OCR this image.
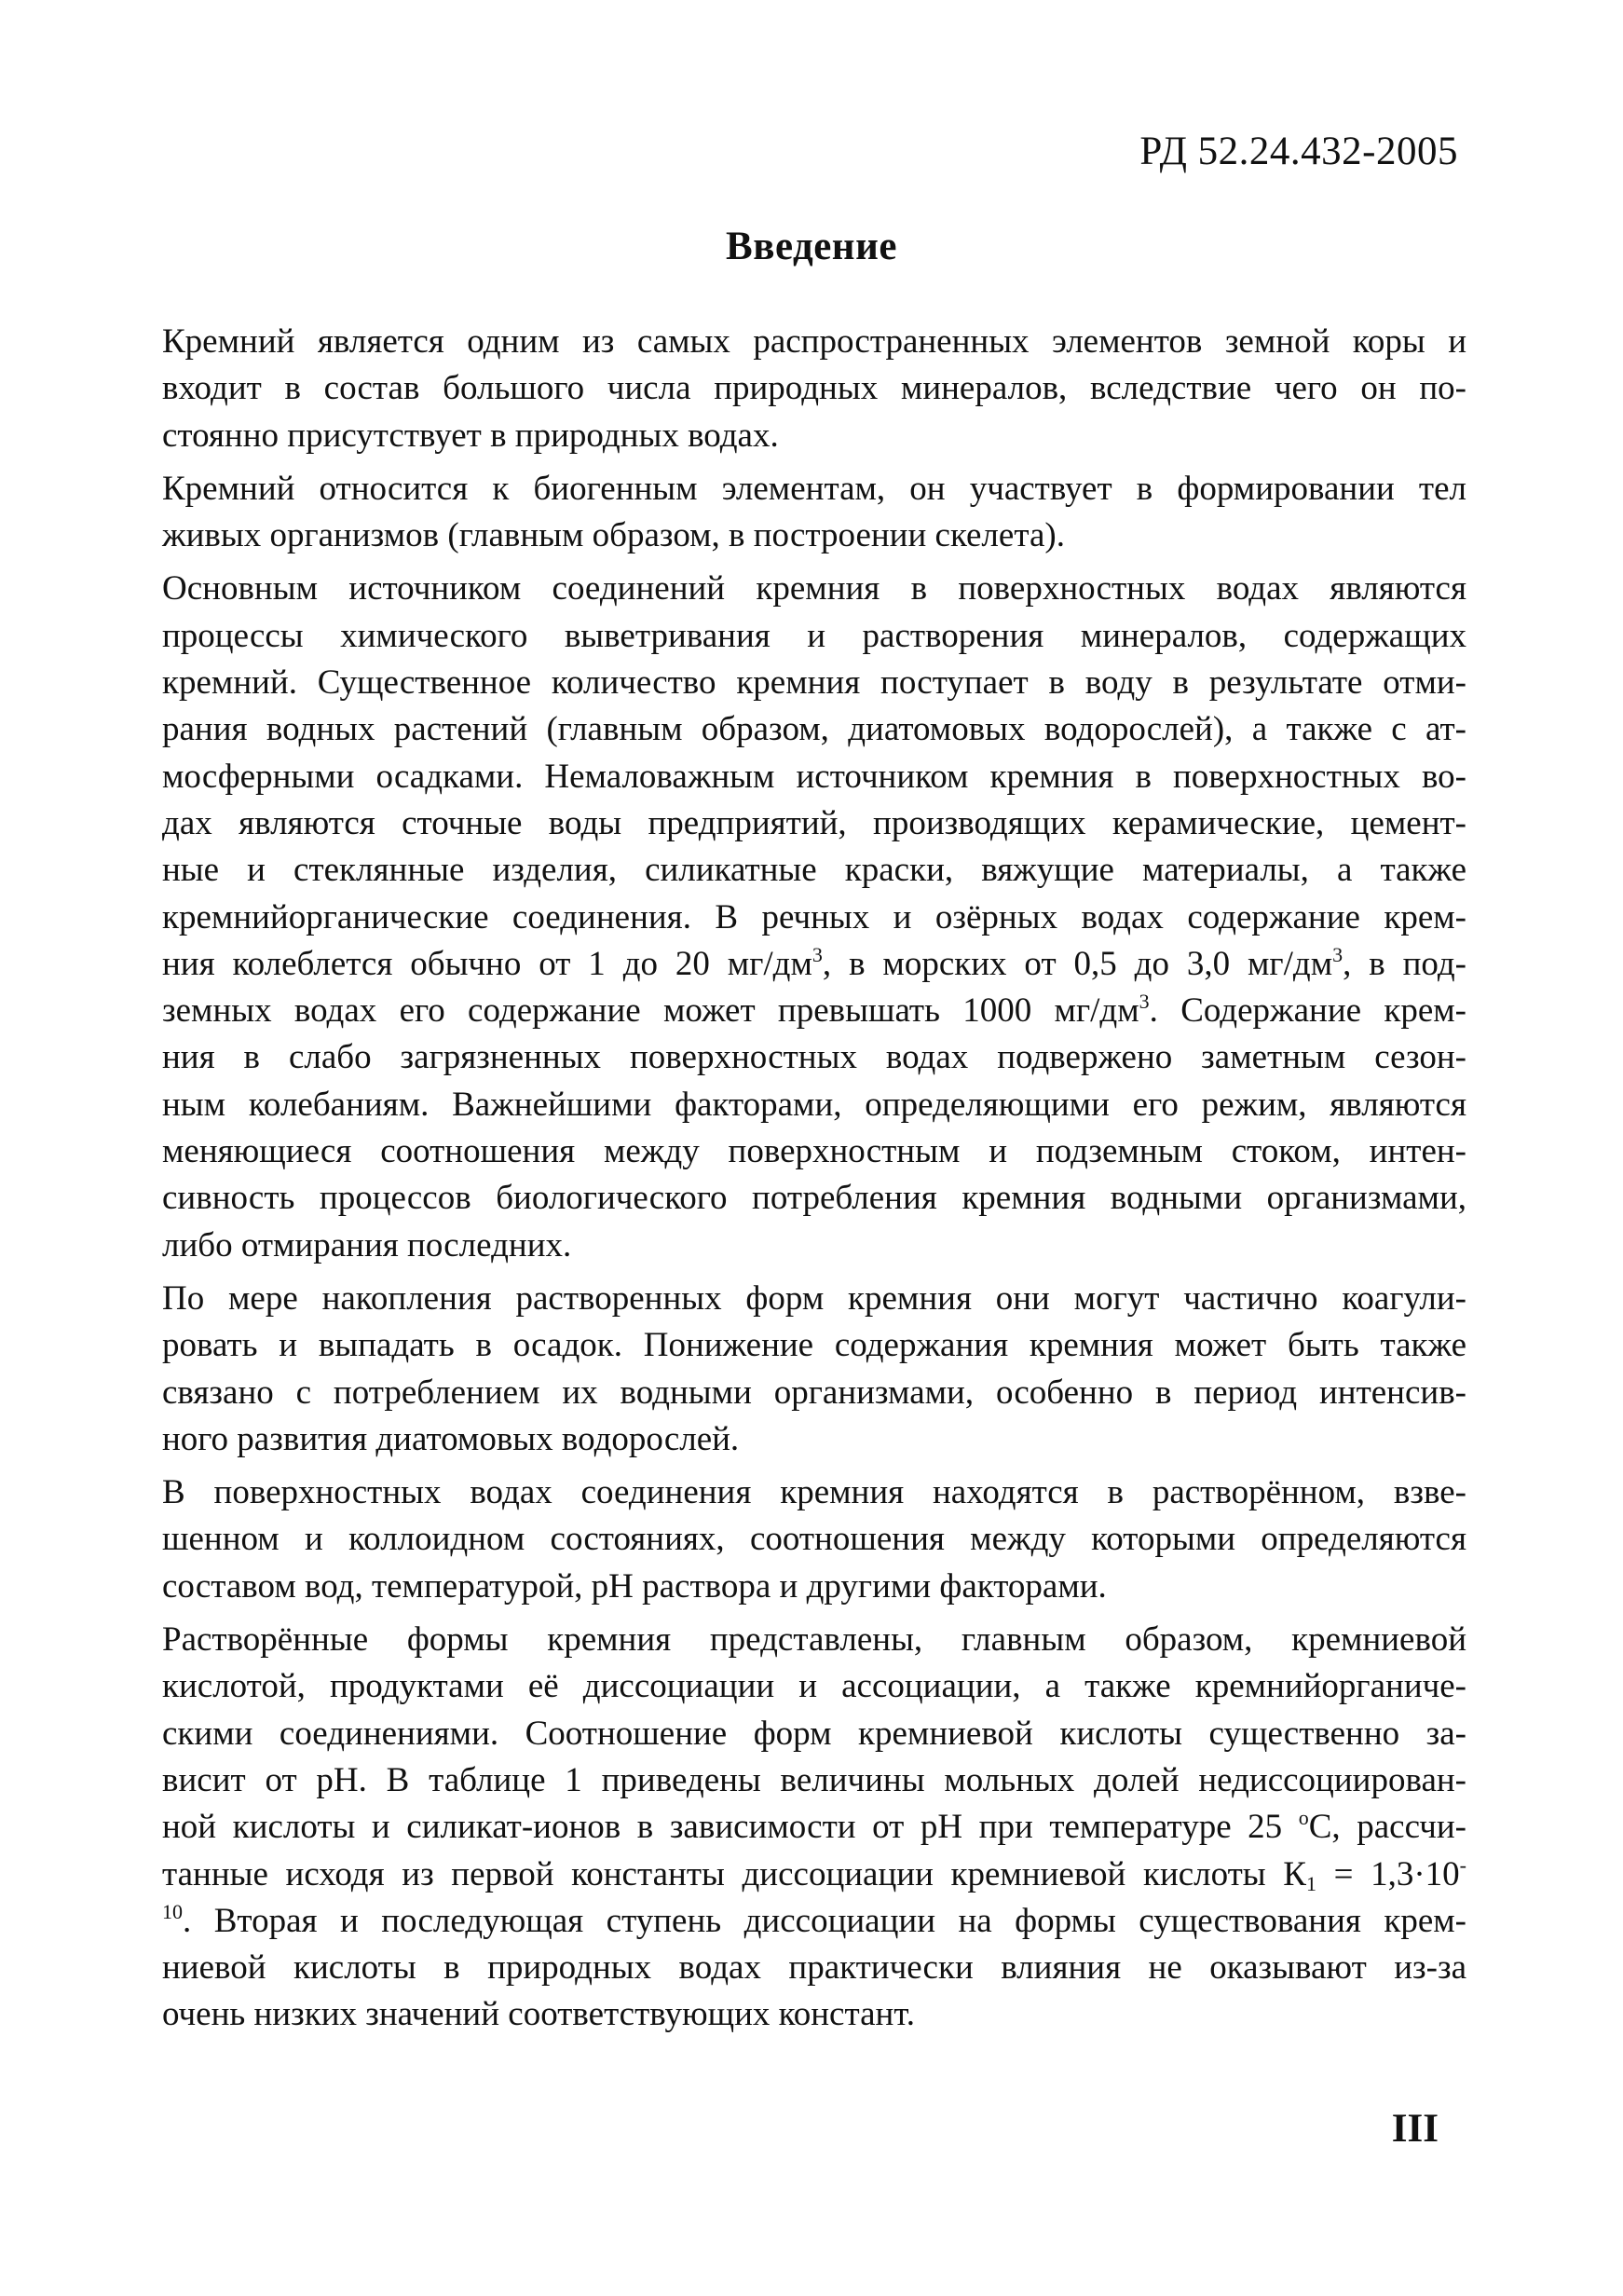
РД 52.24.432-2005
Введение
Кремний является одним из самых распространенных элементов земной коры и
входит в состав большого числа природных минералов, вследствие чего он по-
стоянно присутствует в природных водах.
Кремний относится к биогенным элементам, он участвует в формировании тел
живых организмов (главным образом, в построении скелета).
Основным источником соединений кремния в поверхностных водах являются
процессы химического выветривания и растворения минералов, содержащих
кремний. Существенное количество кремния поступает в воду в результате отми-
рания водных растений (главным образом, диатомовых водорослей), а также с ат-
мосферными осадками. Немаловажным источником кремния в поверхностных во-
дах являются сточные воды предприятий, производящих керамические, цемент-
ные и стеклянные изделия, силикатные краски, вяжущие материалы, а также
кремнийорганические соединения. В речных и озёрных водах содержание крем-
ния колеблется обычно от 1 до 20 $мг/дм^3$, в морских от 0,5 до 3,0 $мг/дм^3$, в под-
земных водах его содержание может превышать 1000 $мг/дм^3$. Содержание крем-
ния в слабо загрязненных поверхностных водах подвержено заметным сезон-
ным колебаниям. Важнейшими факторами, определяющими его режим, являются
меняющиеся соотношения между поверхностным и подземным стоком, интен-
сивность процессов биологического потребления кремния водными организмами,
либо отмирания последних.
По мере накопления растворенных форм кремния они могут частично коагули-
ровать и выпадать в осадок. Понижение содержания кремния может быть также
связано с потреблением их водными организмами, особенно в период интенсив-
ного развития диатомовых водорослей.
В поверхностных водах соединения кремния находятся в растворённом, взве-
шенном и коллоидном состояниях, соотношения между которыми определяются
составом вод, температурой, pH раствора и другими факторами.
Растворённые формы кремния представлены, главным образом, кремниевой
кислотой, продуктами её диссоциации и ассоциации, а также кремнийорганиче-
скими соединениями. Соотношение форм кремниевой кислоты существенно за-
висит от pH. В таблице 1 приведены величины мольных долей недиссоциирован-
ной кислоты и силикат-ионов в зависимости от pH при температуре 25 $^о$С, рассчи-
танные исходя из первой константы диссоциации кремниевой кислоты $К_1 = 1,3\cdot 10^-$
$^{10}$. Вторая и последующая ступень диссоциации на формы существования крем-
ниевой кислоты в природных водах практически влияния не оказывают из-за
очень низких значений соответствующих констант.
III
